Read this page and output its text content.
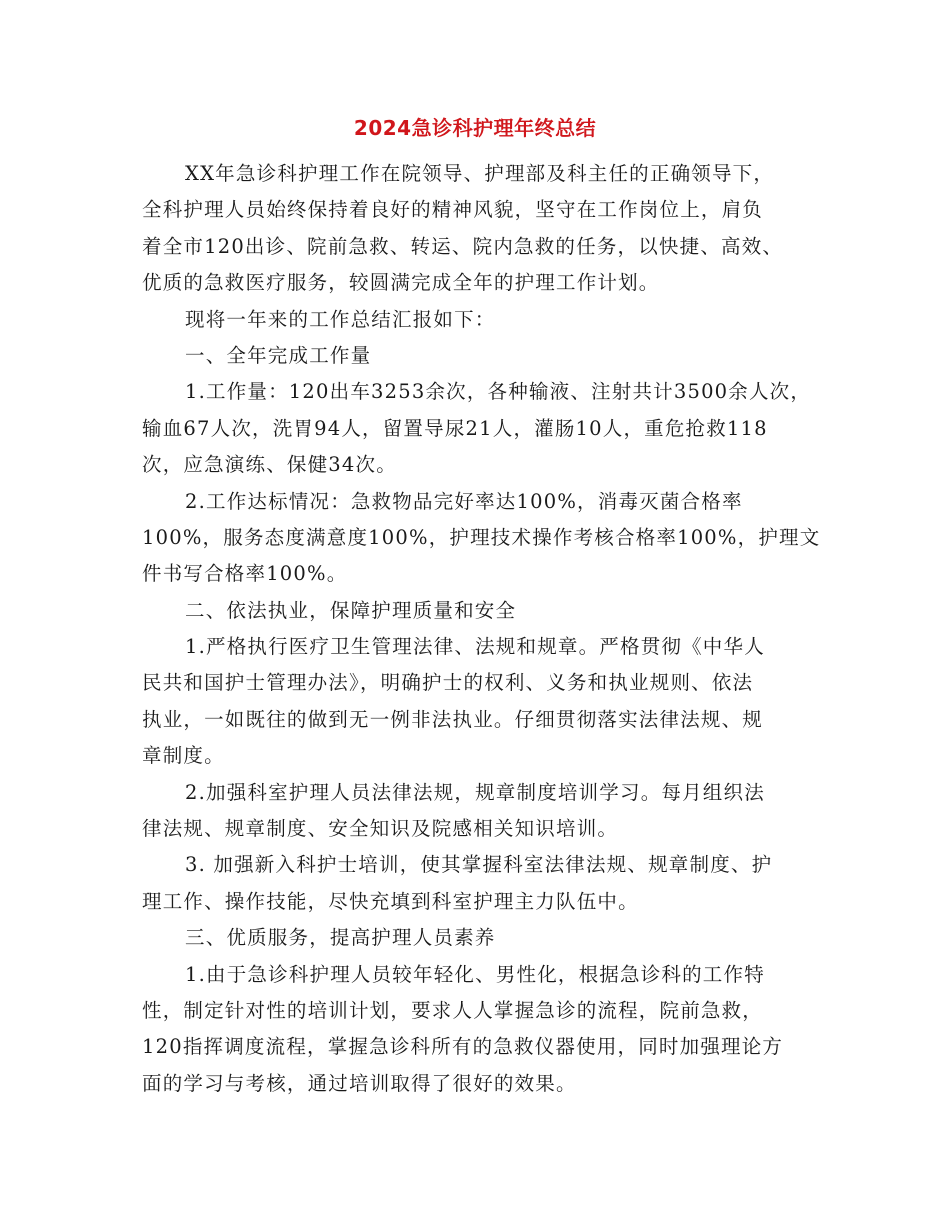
2024急诊科护理年终总结
XX年急诊科护理工作在院领导、护理部及科主任的正确领导下，
全科护理人员始终保持着良好的精神风貌，坚守在工作岗位上，肩负
着全市120出诊、院前急救、转运、院内急救的任务，以快捷、高效、
优质的急救医疗服务，较圆满完成全年的护理工作计划。
现将一年来的工作总结汇报如下：
一、全年完成工作量
1.工作量：120出车3253余次，各种输液、注射共计3500余人次，
输血67人次，洗胃94人，留置导尿21人，灌肠10人，重危抢救118
次，应急演练、保健34次。
2.工作达标情况：急救物品完好率达100%，消毒灭菌合格率
100%，服务态度满意度100%，护理技术操作考核合格率100%，护理文
件书写合格率100%。
二、依法执业，保障护理质量和安全
1.严格执行医疗卫生管理法律、法规和规章。严格贯彻《中华人
民共和国护士管理办法》，明确护士的权利、义务和执业规则、依法
执业，一如既往的做到无一例非法执业。仔细贯彻落实法律法规、规
章制度。
2.加强科室护理人员法律法规，规章制度培训学习。每月组织法
律法规、规章制度、安全知识及院感相关知识培训。
3. 加强新入科护士培训，使其掌握科室法律法规、规章制度、护
理工作、操作技能，尽快充填到科室护理主力队伍中。
三、优质服务，提高护理人员素养
1.由于急诊科护理人员较年轻化、男性化，根据急诊科的工作特
性，制定针对性的培训计划，要求人人掌握急诊的流程，院前急救，
120指挥调度流程，掌握急诊科所有的急救仪器使用，同时加强理论方
面的学习与考核，通过培训取得了很好的效果。
